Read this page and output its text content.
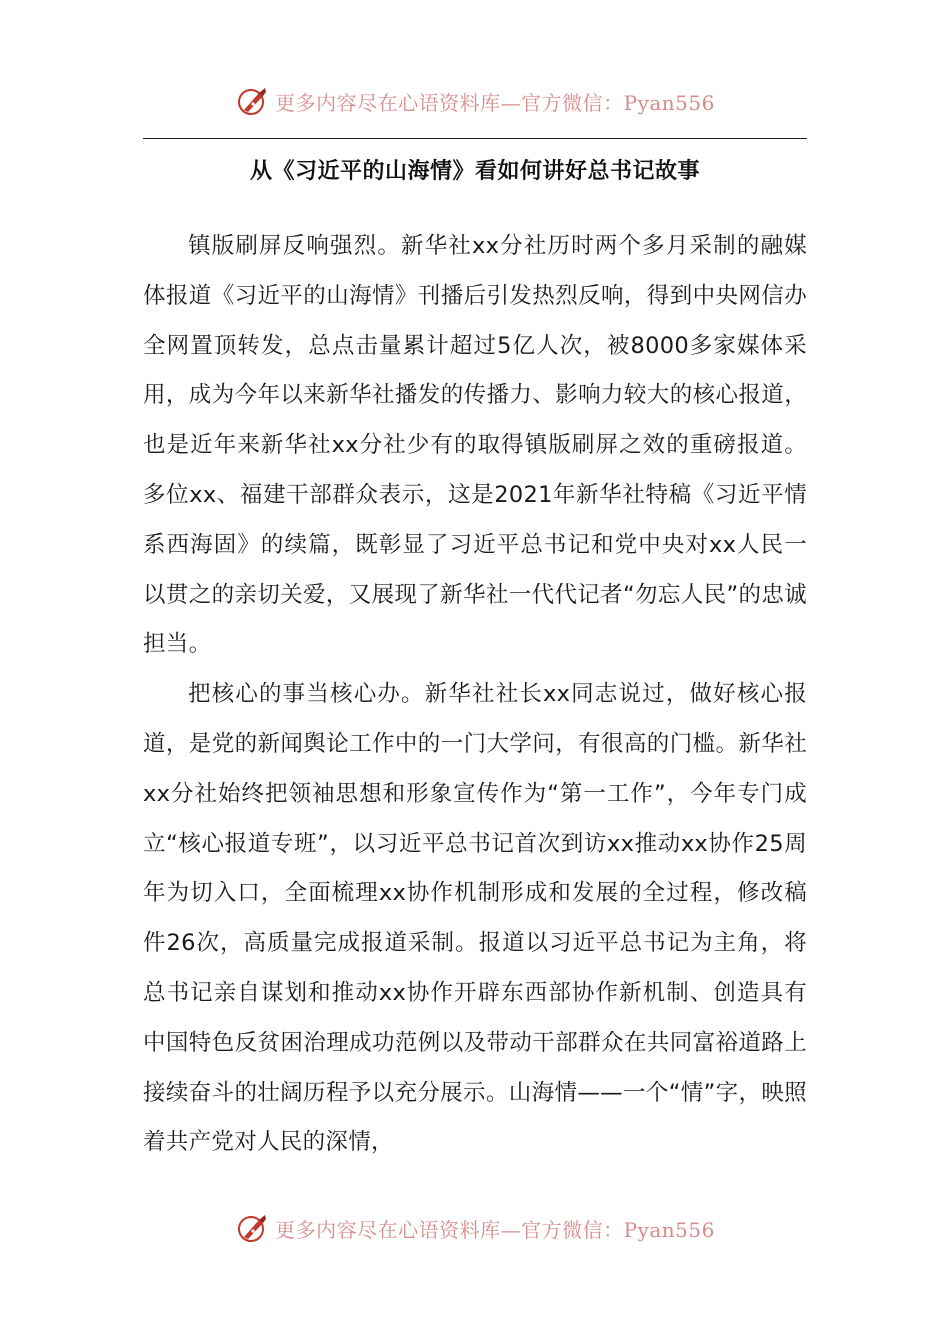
更多内容尽在心语资料库—官方微信：Pyan556
从《习近平的山海情》看如何讲好总书记故事

镇版刷屏反响强烈。新华社xx分社历时两个多月采制的融媒体报道《习近平的山海情》刊播后引发热烈反响，得到中央网信办全网置顶转发，总点击量累计超过5亿人次，被8000多家媒体采用，成为今年以来新华社播发的传播力、影响力较大的核心报道，也是近年来新华社xx分社少有的取得镇版刷屏之效的重磅报道。多位xx、福建干部群众表示，这是2021年新华社特稿《习近平情系西海固》的续篇，既彰显了习近平总书记和党中央对xx人民一以贯之的亲切关爱，又展现了新华社一代代记者“勿忘人民”的忠诚担当。

把核心的事当核心办。新华社社长xx同志说过，做好核心报道，是党的新闻舆论工作中的一门大学问，有很高的门槛。新华社xx分社始终把领袖思想和形象宣传作为“第一工作”，今年专门成立“核心报道专班”，以习近平总书记首次到访xx推动xx协作25周年为切入口，全面梳理xx协作机制形成和发展的全过程，修改稿件26次，高质量完成报道采制。报道以习近平总书记为主角，将总书记亲自谋划和推动xx协作开辟东西部协作新机制、创造具有中国特色反贫困治理成功范例以及带动干部群众在共同富裕道路上接续奋斗的壮阔历程予以充分展示。山海情——一个“情”字，映照着共产党对人民的深情，

更多内容尽在心语资料库—官方微信：Pyan556
